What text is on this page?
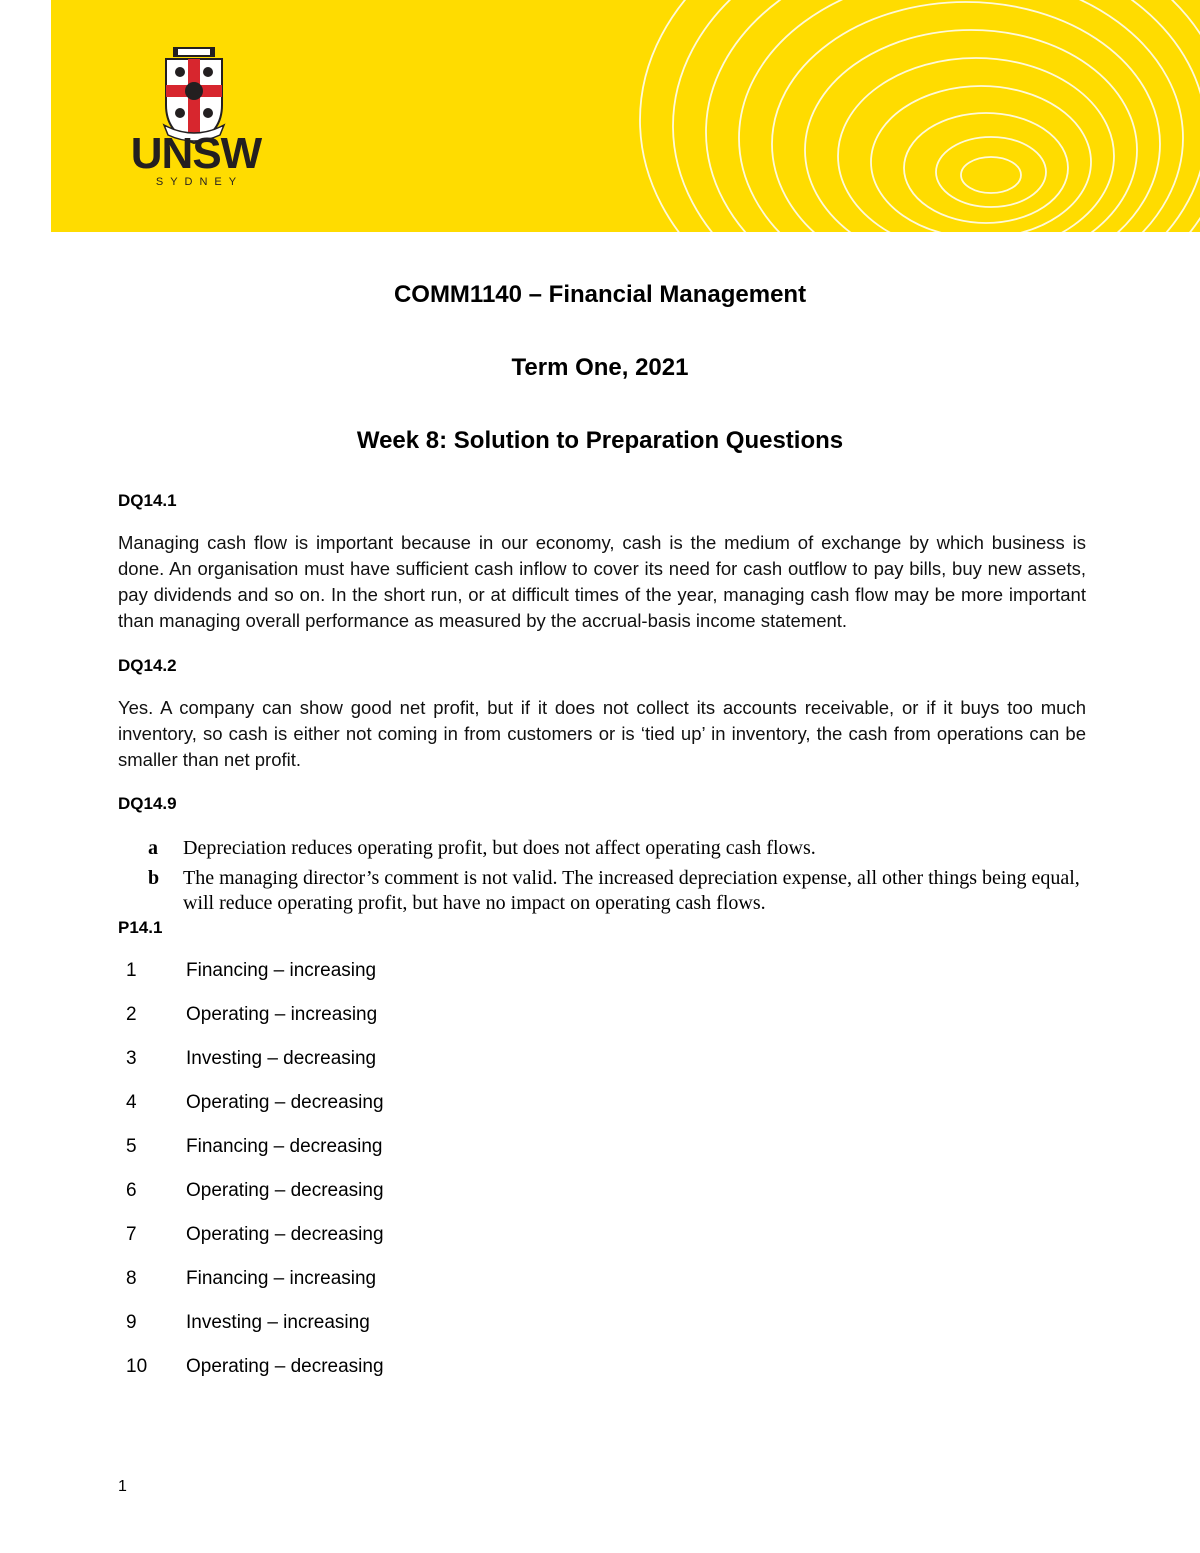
UNSW
SYDNEY
COMM1140 – Financial Management
Term One, 2021
Week 8: Solution to Preparation Questions
DQ14.1
Managing cash flow is important because in our economy, cash is the medium of exchange by which business is done. An organisation must have sufficient cash inflow to cover its need for cash outflow to pay bills, buy new assets, pay dividends and so on. In the short run, or at difficult times of the year, managing cash flow may be more important than managing overall performance as measured by the accrual-basis income statement.
DQ14.2
Yes. A company can show good net profit, but if it does not collect its accounts receivable, or if it buys too much inventory, so cash is either not coming in from customers or is ‘tied up’ in inventory, the cash from operations can be smaller than net profit.
DQ14.9
a Depreciation reduces operating profit, but does not affect operating cash flows.
b The managing director’s comment is not valid. The increased depreciation expense, all other things being equal, will reduce operating profit, but have no impact on operating cash flows.
P14.1
1	Financing – increasing
2	Operating – increasing
3	Investing – decreasing
4	Operating – decreasing
5	Financing – decreasing
6	Operating – decreasing
7	Operating – decreasing
8	Financing – increasing
9	Investing – increasing
10 Operating – decreasing
1
